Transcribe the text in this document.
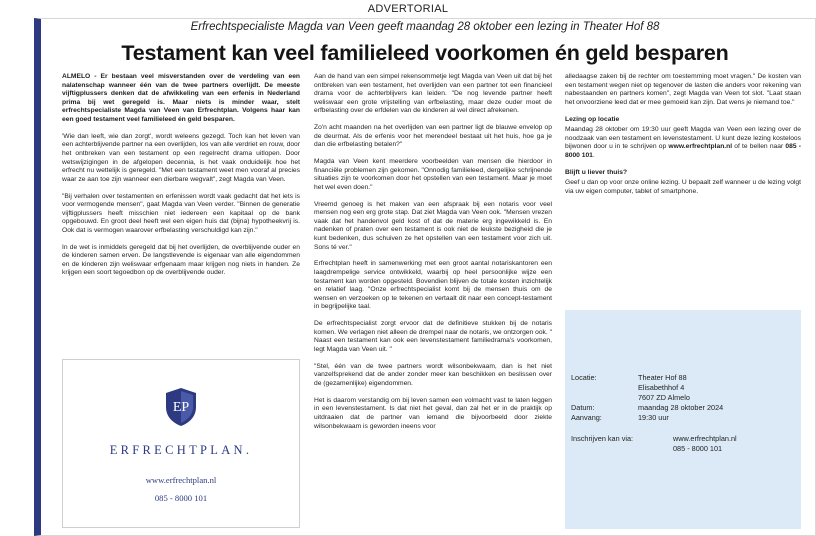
ADVERTORIAL
Erfrechtspecialiste Magda van Veen geeft maandag 28 oktober een lezing in Theater Hof 88
Testament kan veel familieleed voorkomen én geld besparen

ALMELO - Er bestaan veel misverstanden over de verdeling van een nalatenschap wanneer één van de twee partners overlijdt. De meeste vijftigplussers denken dat de afwikkeling van een erfenis in Nederland prima bij wet geregeld is. Maar niets is minder waar, stelt erfrechtspecialiste Magda van Veen van Erfrechtplan. Volgens haar kan een goed testament veel familieleed én geld besparen.

'Wie dan leeft, wie dan zorgt', wordt weleens gezegd. Toch kan het leven van een achterblijvende partner na een overlijden, los van alle verdriet en rouw, door het ontbreken van een testament op een regelrecht drama uitlopen. Door wetswijzigingen in de afgelopen decennia, is het vaak onduidelijk hoe het erfrecht nu wettelijk is geregeld. "Met een testament weet men vooraf al precies waar ze aan toe zijn wanneer een dierbare wegvalt", zegt Magda van Veen.

"Bij verhalen over testamenten en erfenissen wordt vaak gedacht dat het iets is voor vermogende mensen", gaat Magda van Veen verder. "Binnen de generatie vijftigplussers heeft misschien niet iedereen een kapitaal op de bank opgebouwd. En groot deel heeft wel een eigen huis dat (bijna) hypotheekvrij is. Ook dat is vermogen waarover erfbelasting verschuldigd kan zijn."

In de wet is inmiddels geregeld dat bij het overlijden, de overblijvende ouder en de kinderen samen erven. De langstlevende is eigenaar van alle eigendommen en de kinderen zijn weliswaar erfgenaam maar krijgen nog niets in handen. Ze krijgen een soort tegoedbon op de overblijvende ouder.

EP
ERFRECHTPLAN.
www.erfrechtplan.nl
085 - 8000 101

Aan de hand van een simpel rekensommetje legt Magda van Veen uit dat bij het ontbreken van een testament, het overlijden van een partner tot een financieel drama voor de achterblijvers kan leiden. "De nog levende partner heeft weliswaar een grote vrijstelling van erfbelasting, maar deze ouder moet de erfbelasting over de erfdelen van de kinderen al wel direct afrekenen.

Zo'n acht maanden na het overlijden van een partner ligt de blauwe envelop op de deurmat. Als de erfenis voor het merendeel bestaat uit het huis, hoe ga je dan die erfbelasting betalen?"

Magda van Veen kent meerdere voorbeelden van mensen die hierdoor in financiële problemen zijn gekomen. "Onnodig familieleed, dergelijke schrijnende situaties zijn te voorkomen door het opstellen van een testament. Maar je moet het wel even doen."

Vreemd genoeg is het maken van een afspraak bij een notaris voor veel mensen nog een erg grote stap. Dat ziet Magda van Veen ook. "Mensen vrezen vaak dat het handenvol geld kost of dat de materie erg ingewikkeld is. En nadenken of praten over een testament is ook niet de leukste bezigheid die je kunt bedenken, dus schuiven ze het opstellen van een testament voor zich uit. Sons té ver."

Erfrechtplan heeft in samenwerking met een groot aantal notariskantoren een laagdrempelige service ontwikkeld, waarbij op heel persoonlijke wijze een testament kan worden opgesteld. Bovendien blijven de totale kosten inzichtelijk en relatief laag. "Onze erfrechtspecialist komt bij de mensen thuis om de wensen en verzoeken op te tekenen en vertaalt dit naar een concept-testament in begrijpelijke taal.

De erfrechtspecialist zorgt ervoor dat de definitieve stukken bij de notaris komen. We verlagen niet alleen de drempel naar de notaris, we ontzorgen ook. " Naast een testament kan ook een levenstestament familiedrama's voorkomen, legt Magda van Veen uit. "

"Stel, één van de twee partners wordt wilsonbekwaam, dan is het niet vanzelfsprekend dat de ander zonder meer kan beschikken en beslissen over de (gezamenlijke) eigendommen.

Het is daarom verstandig om bij leven samen een volmacht vast te laten leggen in een levenstestament. Is dat niet het geval, dan zal het er in de praktijk op uitdraaien dat de partner van iemand die bijvoorbeeld door ziekte wilsonbekwaam is geworden ineens voor

alledaagse zaken bij de rechter om toestemming moet vragen." De kosten van een testament wegen niet op tegenover de lasten die anders voor rekening van nabestaanden en partners komen", zegt Magda van Veen tot slot. "Laat staan het onvoorziene leed dat er mee gemoeid kan zijn. Dat wens je niemand toe."

Lezing op locatie

Maandag 28 oktober om 19:30 uur geeft Magda van Veen een lezing over de noodzaak van een testament en levenstestament. U kunt deze lezing kosteloos bijwonen door u in te schrijven op www.erfrechtplan.nl of te bellen naar 085 - 8000 101.

Blijft u liever thuis?

Geef u dan op voor onze online lezing. U bepaalt zelf wanneer u de lezing volgt via uw eigen computer, tablet of smartphone.

Locatie:	Theater Hof 88
Elisabethhof 4
7607 ZD Almelo
Datum:	maandag 28 oktober 2024
Aanvang:	19:30 uur
Inschrijven kan via:	www.erfrechtplan.nl
085 - 8000 101
